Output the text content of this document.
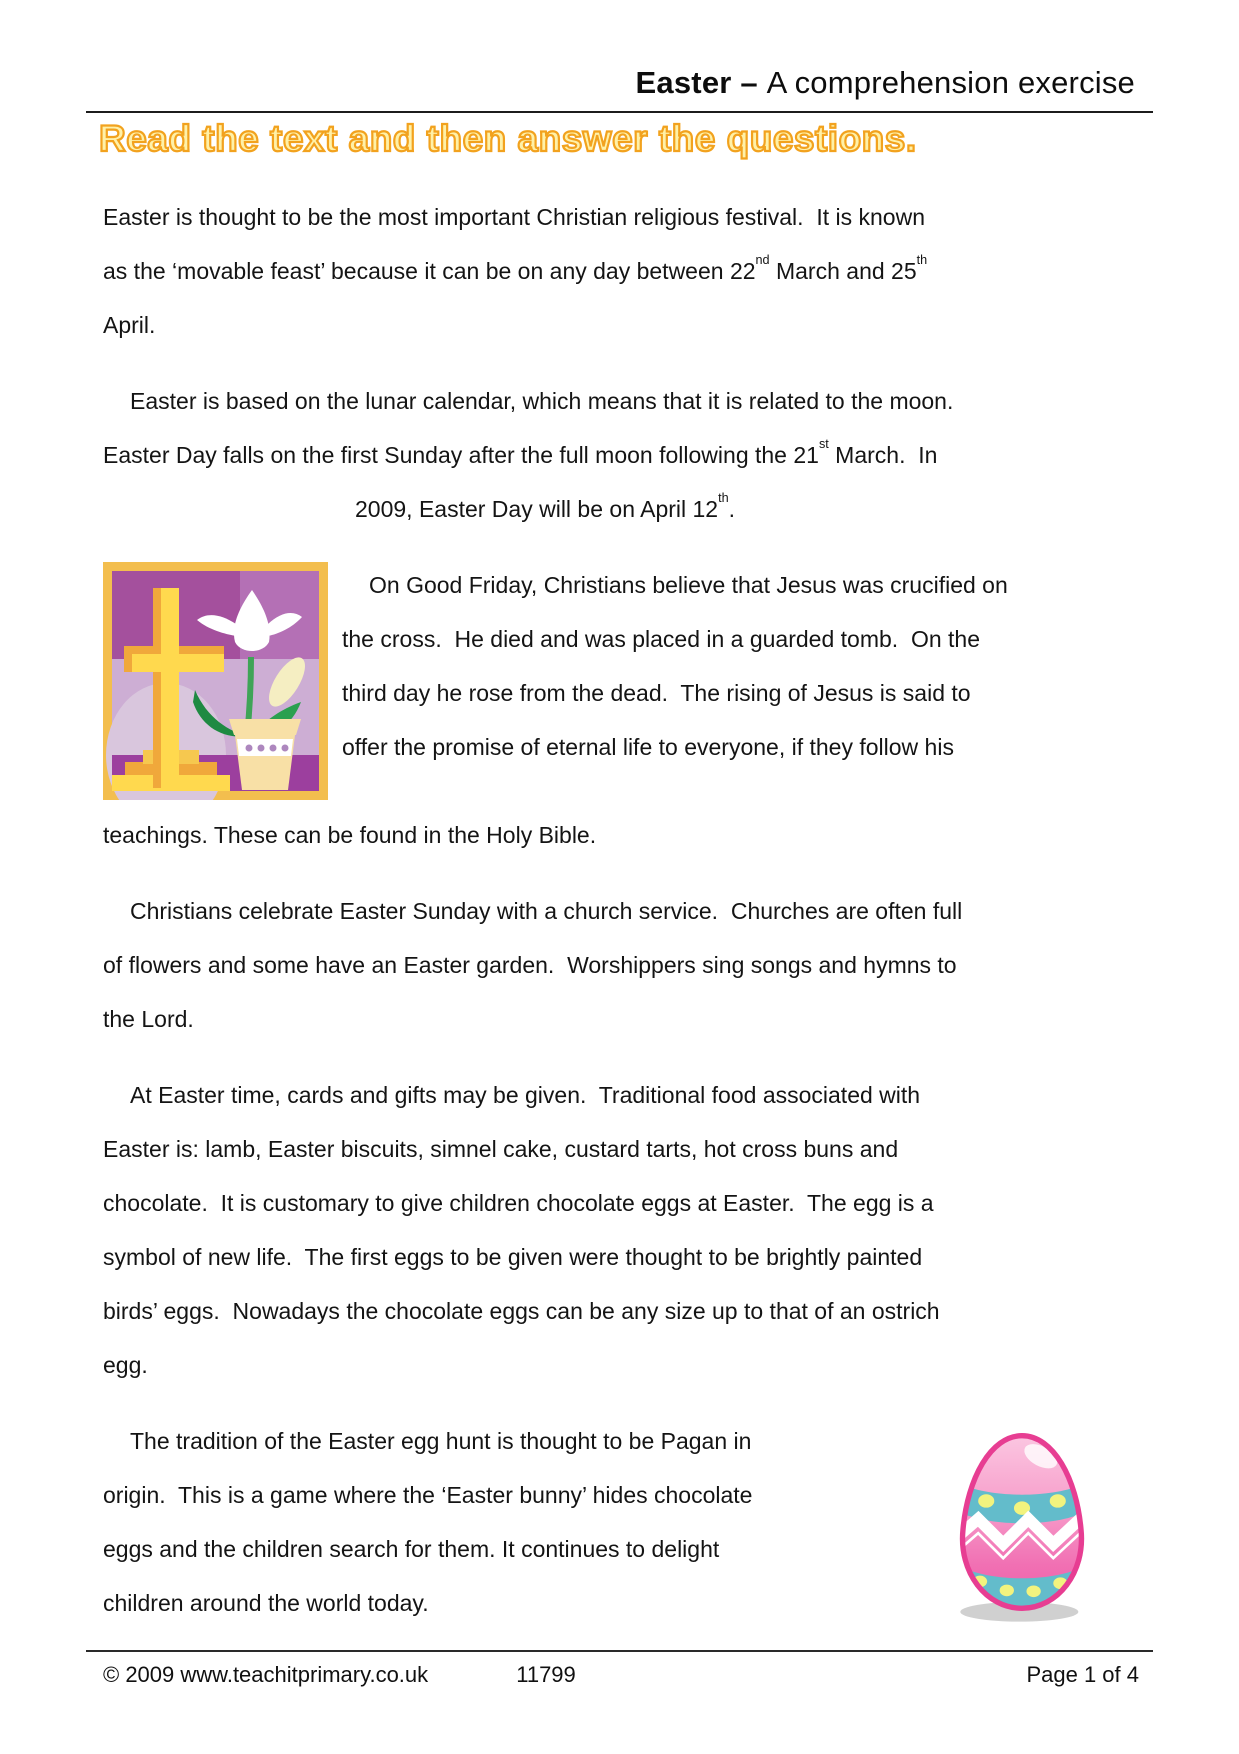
Easter – A comprehension exercise
Read the text and then answer the questions.
Easter is thought to be the most important Christian religious festival.  It is known
as the ‘movable feast’ because it can be on any day between 22nd March and 25th
April.
Easter is based on the lunar calendar, which means that it is related to the moon.
Easter Day falls on the first Sunday after the full moon following the 21st March.  In
2009, Easter Day will be on April 12th.
On Good Friday, Christians believe that Jesus was crucified on
the cross.  He died and was placed in a guarded tomb.  On the
third day he rose from the dead.  The rising of Jesus is said to
offer the promise of eternal life to everyone, if they follow his
teachings. These can be found in the Holy Bible.
Christians celebrate Easter Sunday with a church service.  Churches are often full
of flowers and some have an Easter garden.  Worshippers sing songs and hymns to
the Lord.
At Easter time, cards and gifts may be given.  Traditional food associated with
Easter is: lamb, Easter biscuits, simnel cake, custard tarts, hot cross buns and
chocolate.  It is customary to give children chocolate eggs at Easter.  The egg is a
symbol of new life.  The first eggs to be given were thought to be brightly painted
birds’ eggs.  Nowadays the chocolate eggs can be any size up to that of an ostrich
egg.
The tradition of the Easter egg hunt is thought to be Pagan in
origin.  This is a game where the ‘Easter bunny’ hides chocolate
eggs and the children search for them. It continues to delight
children around the world today.
© 2009 www.teachitprimary.co.uk	11799	Page 1 of 4
